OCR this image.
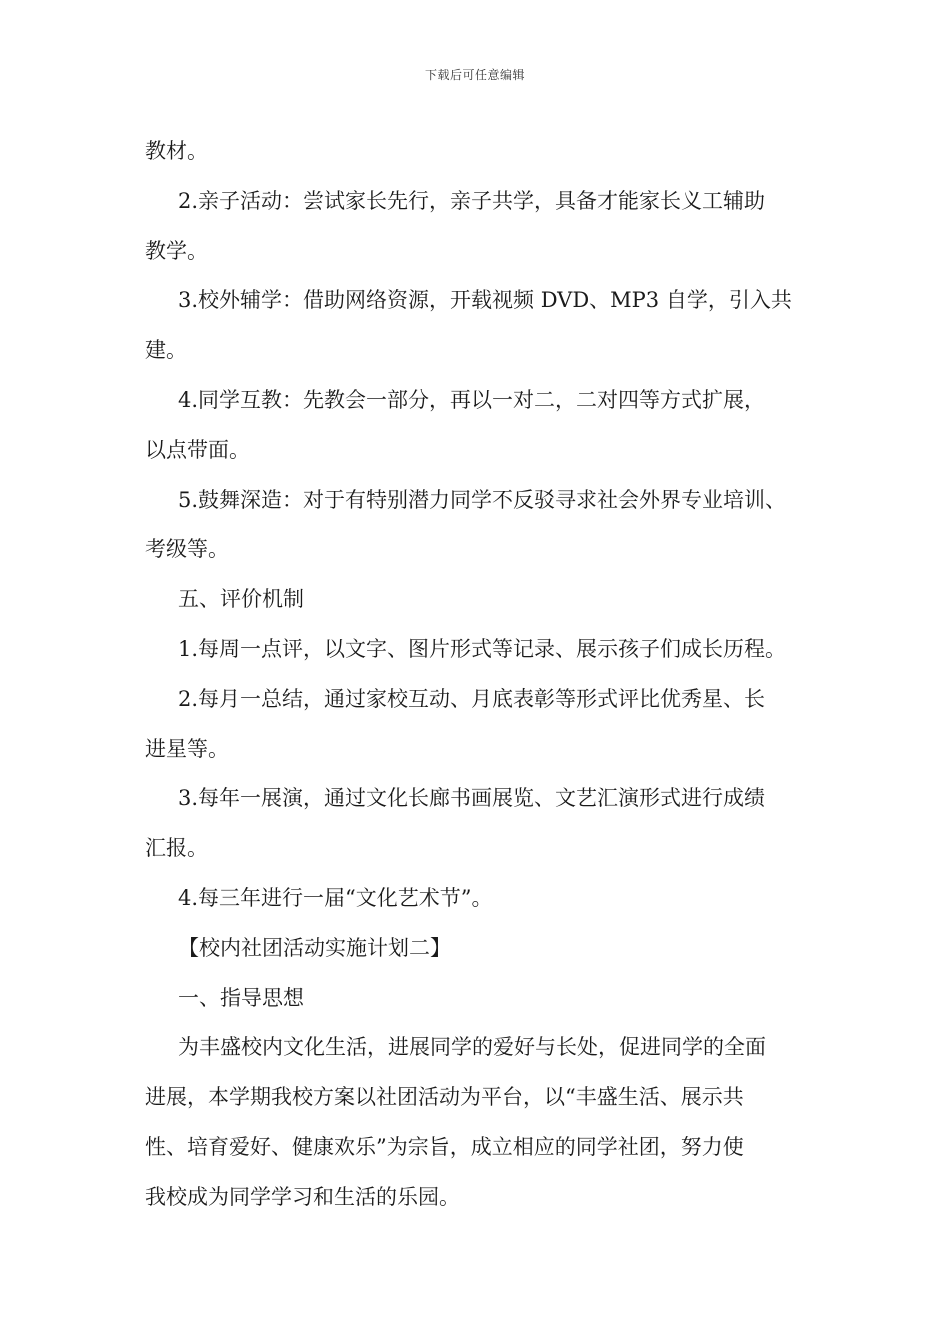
下载后可任意编辑
教材。
2.亲子活动：尝试家长先行，亲子共学，具备才能家长义工辅助
教学。
3.校外辅学：借助网络资源，开载视频 DVD、MP3 自学，引入共
建。
4.同学互教：先教会一部分，再以一对二，二对四等方式扩展，
以点带面。
5.鼓舞深造：对于有特别潜力同学不反驳寻求社会外界专业培训、
考级等。
五、评价机制
1.每周一点评，以文字、图片形式等记录、展示孩子们成长历程。
2.每月一总结，通过家校互动、月底表彰等形式评比优秀星、长
进星等。
3.每年一展演，通过文化长廊书画展览、文艺汇演形式进行成绩
汇报。
4.每三年进行一届“文化艺术节”。
【校内社团活动实施计划二】
一、指导思想
为丰盛校内文化生活，进展同学的爱好与长处，促进同学的全面
进展，本学期我校方案以社团活动为平台，以“丰盛生活、展示共
性、培育爱好、健康欢乐”为宗旨，成立相应的同学社团，努力使
我校成为同学学习和生活的乐园。
